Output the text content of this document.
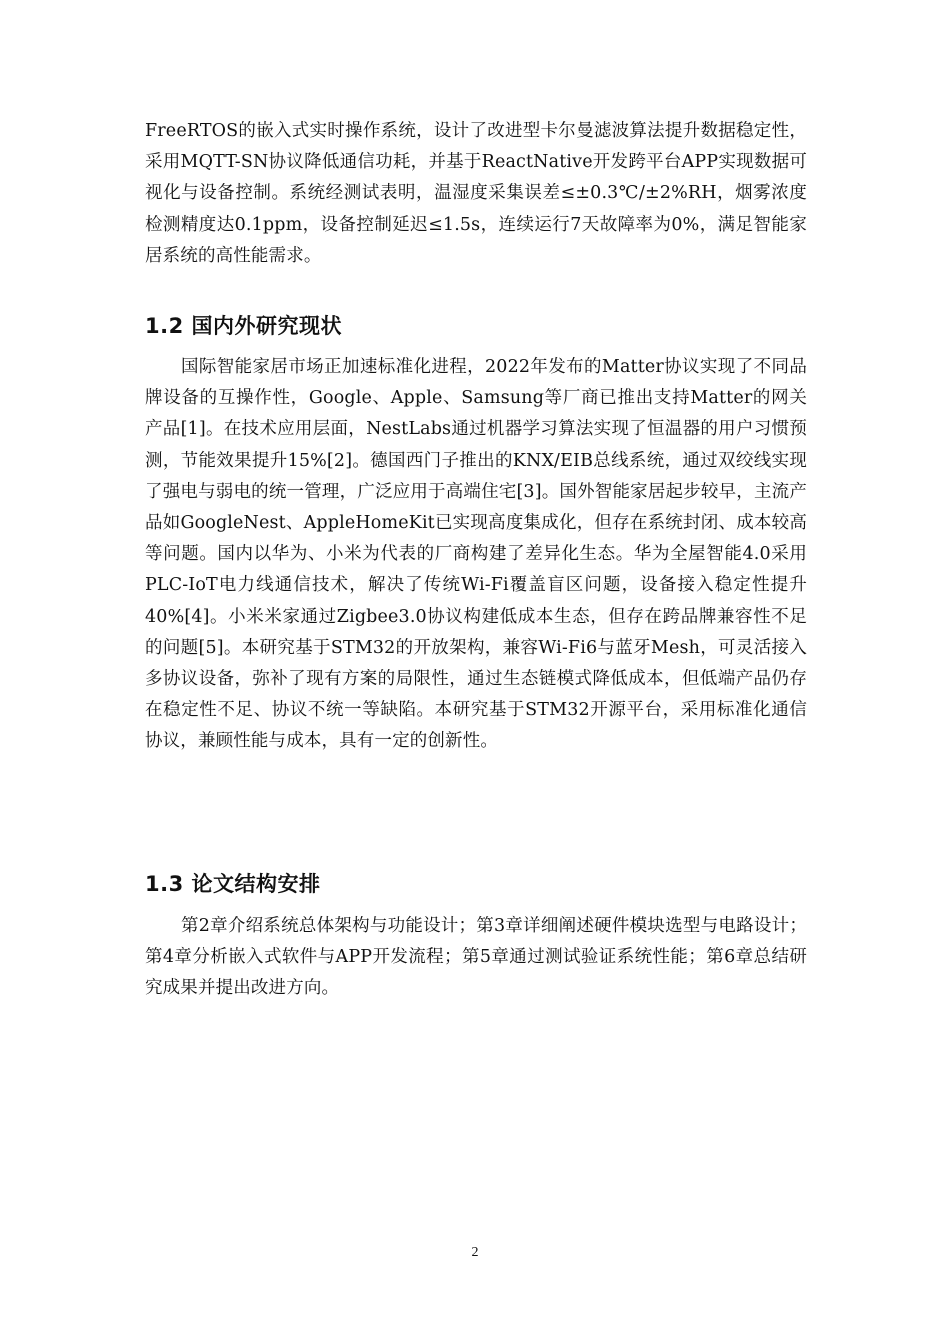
FreeRTOS的嵌入式实时操作系统，设计了改进型卡尔曼滤波算法提升数据稳定性，采用MQTT-SN协议降低通信功耗，并基于ReactNative开发跨平台APP实现数据可视化与设备控制。系统经测试表明，温湿度采集误差≤±0.3℃/±2%RH，烟雾浓度检测精度达0.1ppm，设备控制延迟≤1.5s，连续运行7天故障率为0%，满足智能家居系统的高性能需求。

1.2 国内外研究现状

国际智能家居市场正加速标准化进程，2022年发布的Matter协议实现了不同品牌设备的互操作性，Google、Apple、Samsung等厂商已推出支持Matter的网关产品[1]。在技术应用层面，NestLabs通过机器学习算法实现了恒温器的用户习惯预测，节能效果提升15%[2]。德国西门子推出的KNX/EIB总线系统，通过双绞线实现了强电与弱电的统一管理，广泛应用于高端住宅[3]。国外智能家居起步较早，主流产品如GoogleNest、AppleHomeKit已实现高度集成化，但存在系统封闭、成本较高等问题。国内以华为、小米为代表的厂商构建了差异化生态。华为全屋智能4.0采用PLC-IoT电力线通信技术，解决了传统Wi-Fi覆盖盲区问题，设备接入稳定性提升40%[4]。小米米家通过Zigbee3.0协议构建低成本生态，但存在跨品牌兼容性不足的问题[5]。本研究基于STM32的开放架构，兼容Wi-Fi6与蓝牙Mesh，可灵活接入多协议设备，弥补了现有方案的局限性，通过生态链模式降低成本，但低端产品仍存在稳定性不足、协议不统一等缺陷。本研究基于STM32开源平台，采用标准化通信协议，兼顾性能与成本，具有一定的创新性。

1.3 论文结构安排

第2章介绍系统总体架构与功能设计；第3章详细阐述硬件模块选型与电路设计；第4章分析嵌入式软件与APP开发流程；第5章通过测试验证系统性能；第6章总结研究成果并提出改进方向。

2
